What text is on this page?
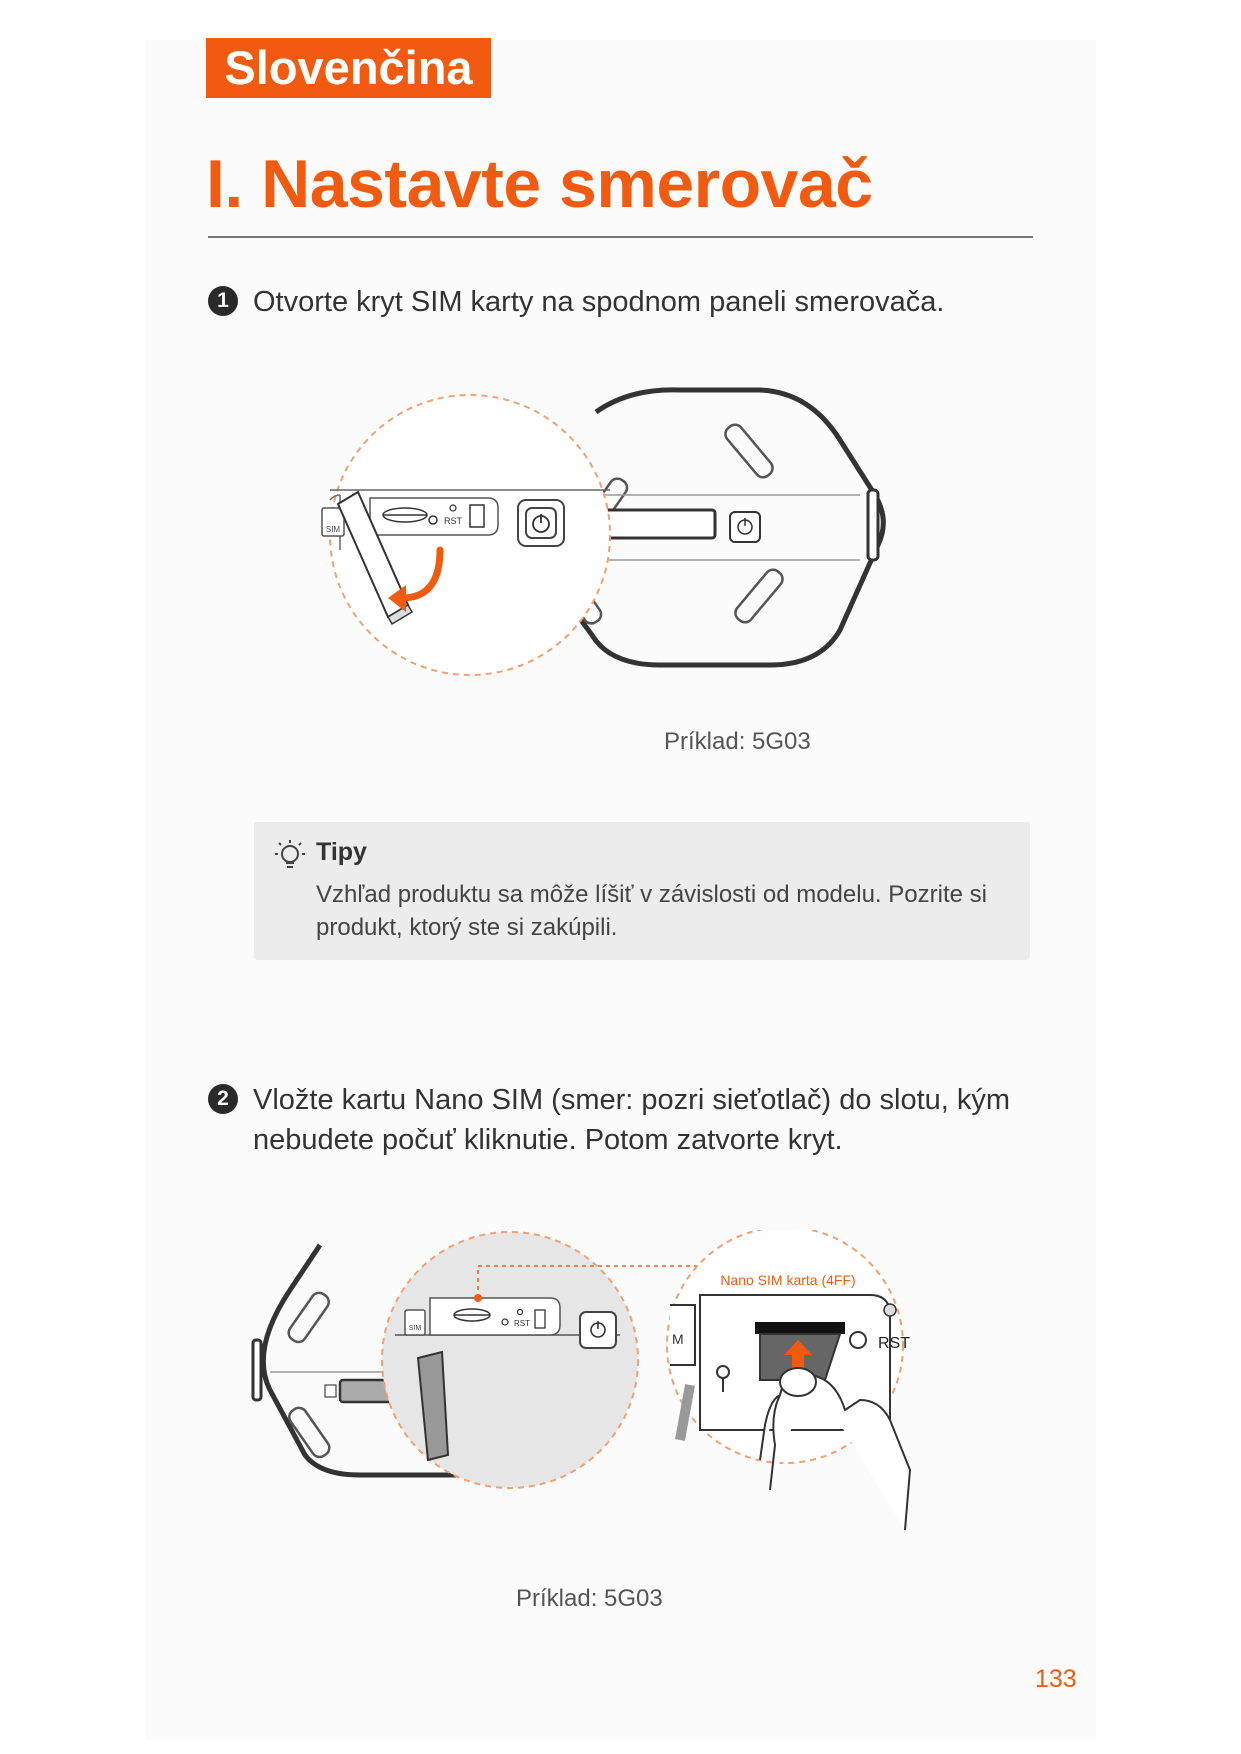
Slovenčina
I. Nastavte smerovač
1 Otvorte kryt SIM karty na spodnom paneli smerovača.
SIM
RST
Príklad: 5G03
Tipy
Vzhľad produktu sa môže líšiť v závislosti od modelu. Pozrite si produkt, ktorý ste si zakúpili.
2 Vložte kartu Nano SIM (smer: pozri sieťotlač) do slotu, kým nebudete počuť kliknutie. Potom zatvorte kryt.
SIM
RST
Nano SIM karta (4FF)
M	RST
Príklad: 5G03
133
